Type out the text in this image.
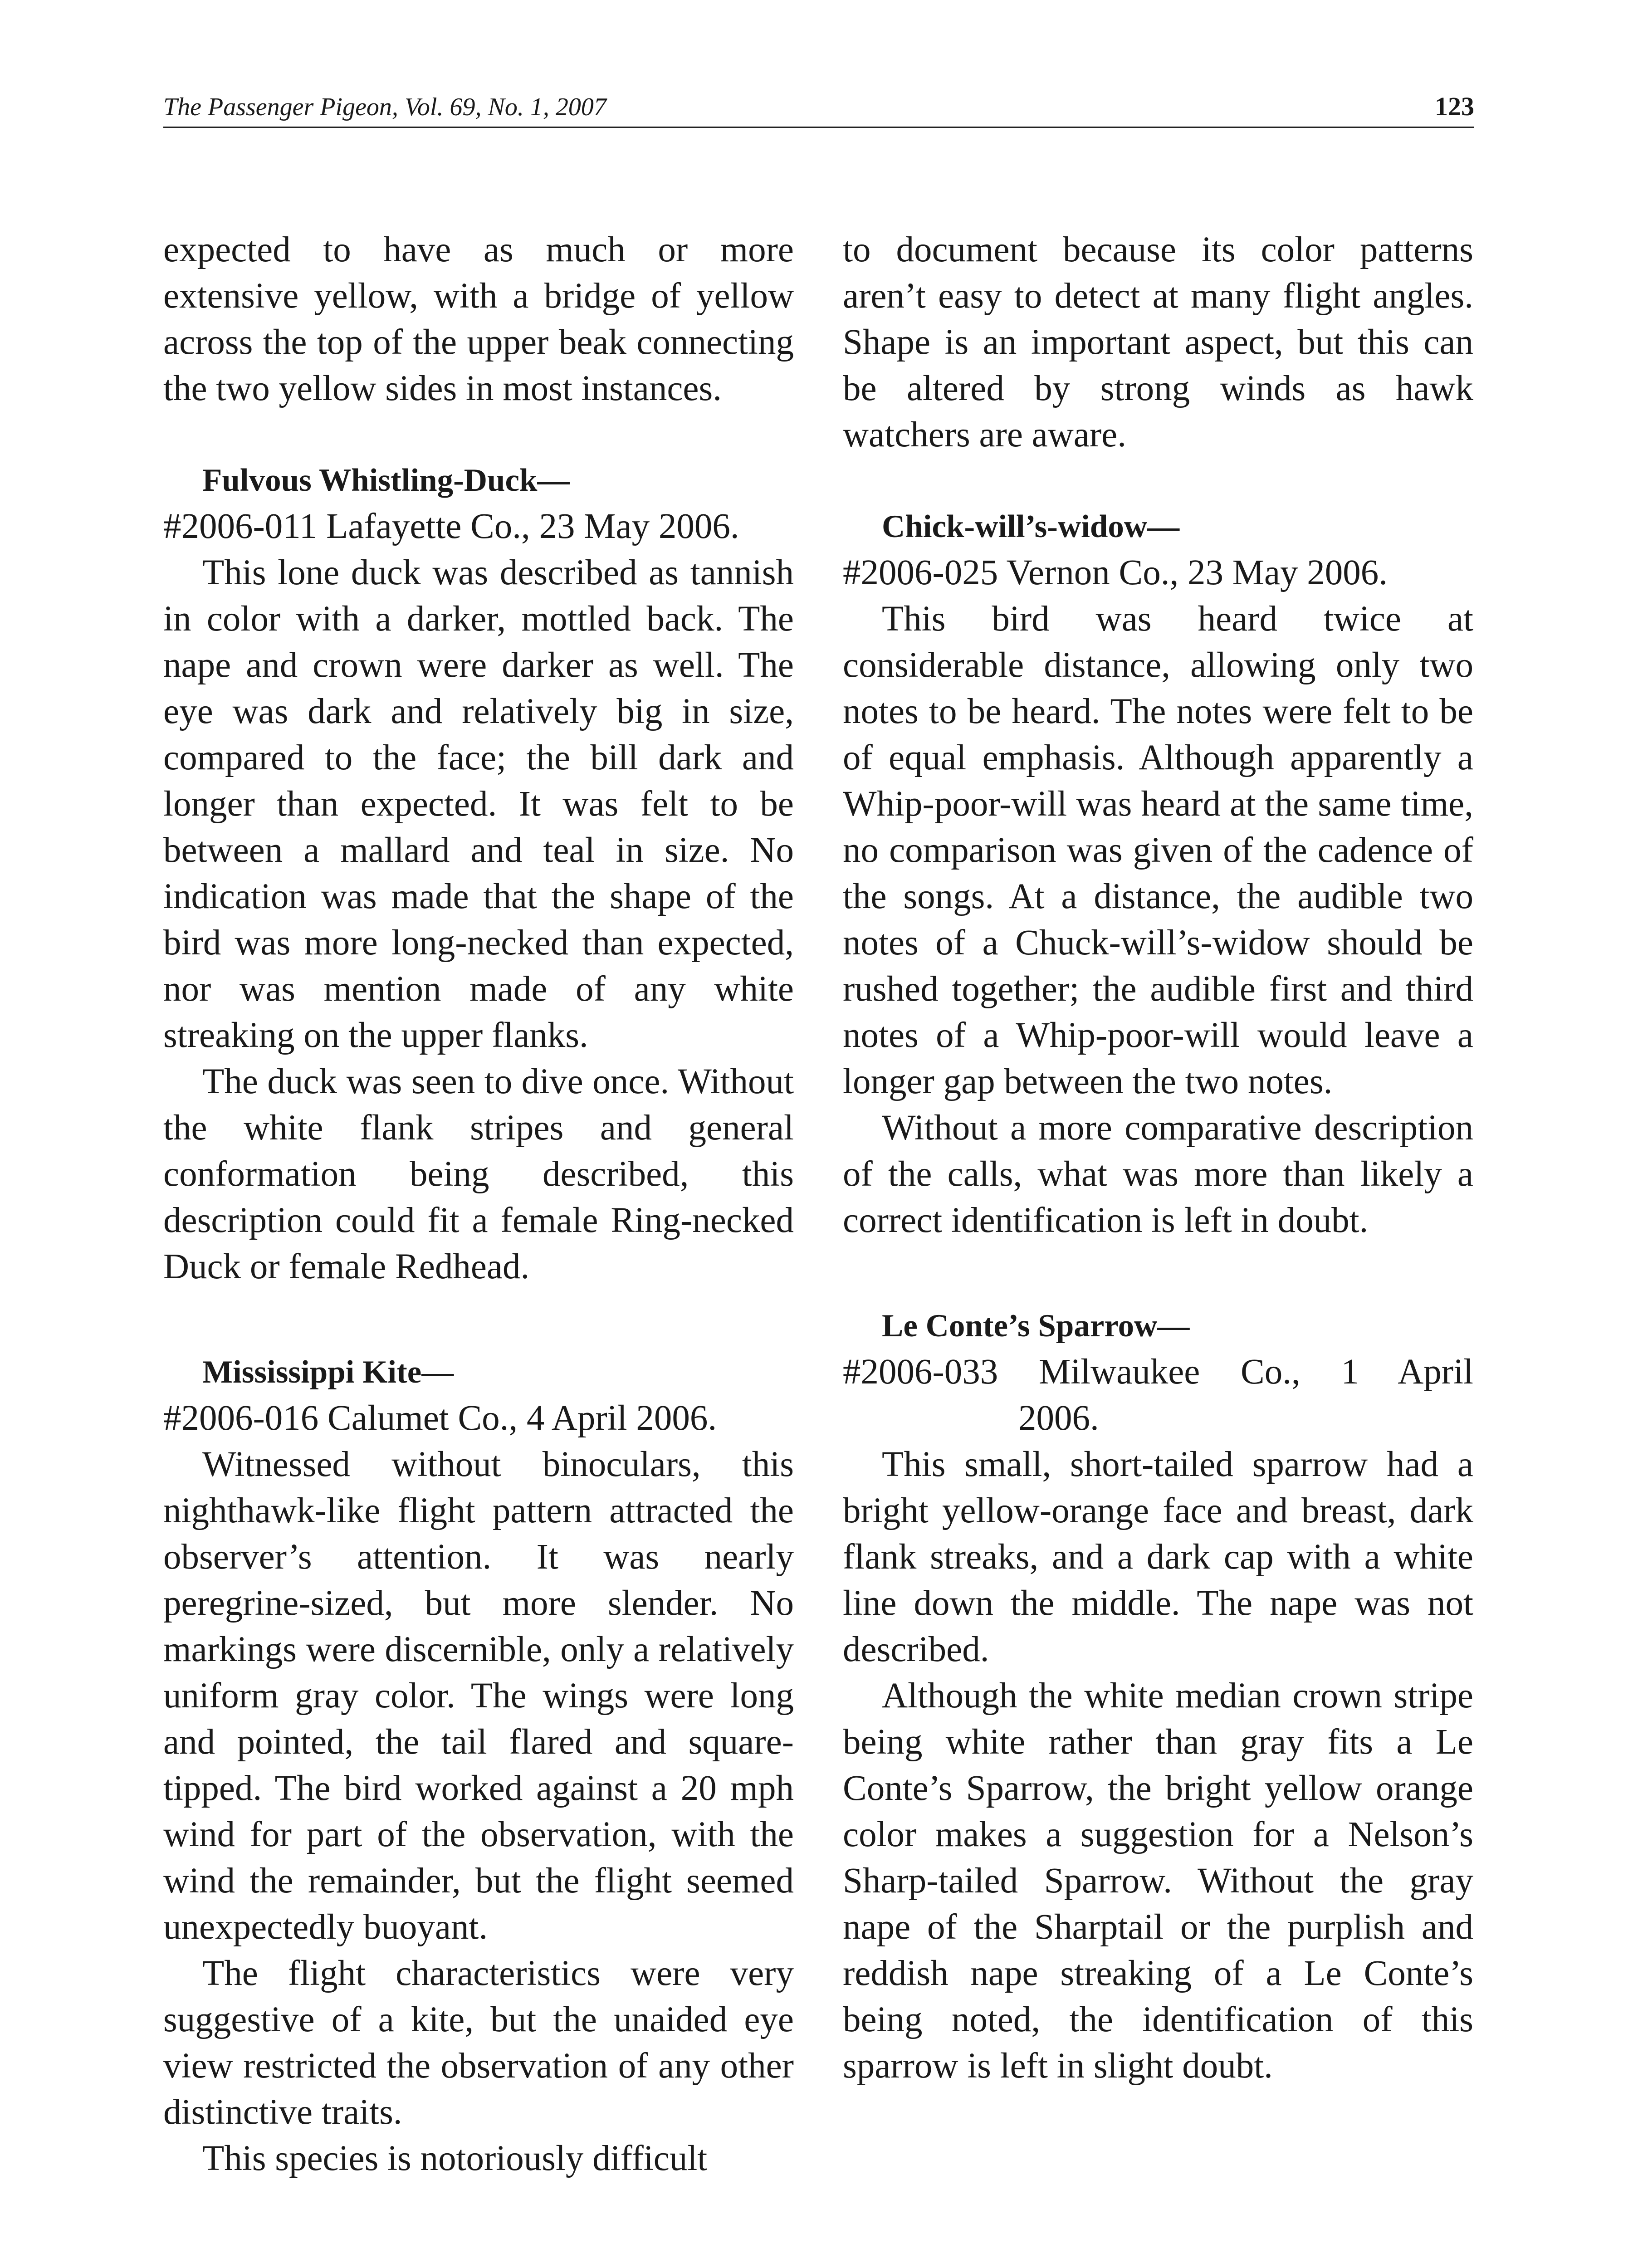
The Passenger Pigeon, Vol. 69, No. 1, 2007	123

expected to have as much or more extensive yellow, with a bridge of yellow across the top of the upper beak connecting the two yellow sides in most instances.

Fulvous Whistling-Duck—

#2006-011 Lafayette Co., 23 May 2006.

This lone duck was described as tannish in color with a darker, mottled back. The nape and crown were darker as well. The eye was dark and relatively big in size, compared to the face; the bill dark and longer than expected. It was felt to be between a mallard and teal in size. No indication was made that the shape of the bird was more long-necked than expected, nor was mention made of any white streaking on the upper flanks.

The duck was seen to dive once. Without the white flank stripes and general conformation being described, this description could fit a female Ring-necked Duck or female Redhead.

Mississippi Kite—

#2006-016 Calumet Co., 4 April 2006.

Witnessed without binoculars, this nighthawk-like flight pattern attracted the observer’s attention. It was nearly peregrine-sized, but more slender. No markings were discernible, only a relatively uniform gray color. The wings were long and pointed, the tail flared and square-tipped. The bird worked against a 20 mph wind for part of the observation, with the wind the remainder, but the flight seemed unexpectedly buoyant.

The flight characteristics were very suggestive of a kite, but the unaided eye view restricted the observation of any other distinctive traits.

This species is notoriously difficult

to document because its color patterns aren’t easy to detect at many flight angles. Shape is an important aspect, but this can be altered by strong winds as hawk watchers are aware.

Chick-will’s-widow—

#2006-025 Vernon Co., 23 May 2006.

This bird was heard twice at considerable distance, allowing only two notes to be heard. The notes were felt to be of equal emphasis. Although apparently a Whip-poor-will was heard at the same time, no comparison was given of the cadence of the songs. At a distance, the audible two notes of a Chuck-will’s-widow should be rushed together; the audible first and third notes of a Whip-poor-will would leave a longer gap between the two notes.

Without a more comparative description of the calls, what was more than likely a correct identification is left in doubt.

Le Conte’s Sparrow—

#2006-033 Milwaukee Co., 1 April
2006.

This small, short-tailed sparrow had a bright yellow-orange face and breast, dark flank streaks, and a dark cap with a white line down the middle. The nape was not described.

Although the white median crown stripe being white rather than gray fits a Le Conte’s Sparrow, the bright yellow orange color makes a suggestion for a Nelson’s Sharp-tailed Sparrow. Without the gray nape of the Sharptail or the purplish and reddish nape streaking of a Le Conte’s being noted, the identification of this sparrow is left in slight doubt.
